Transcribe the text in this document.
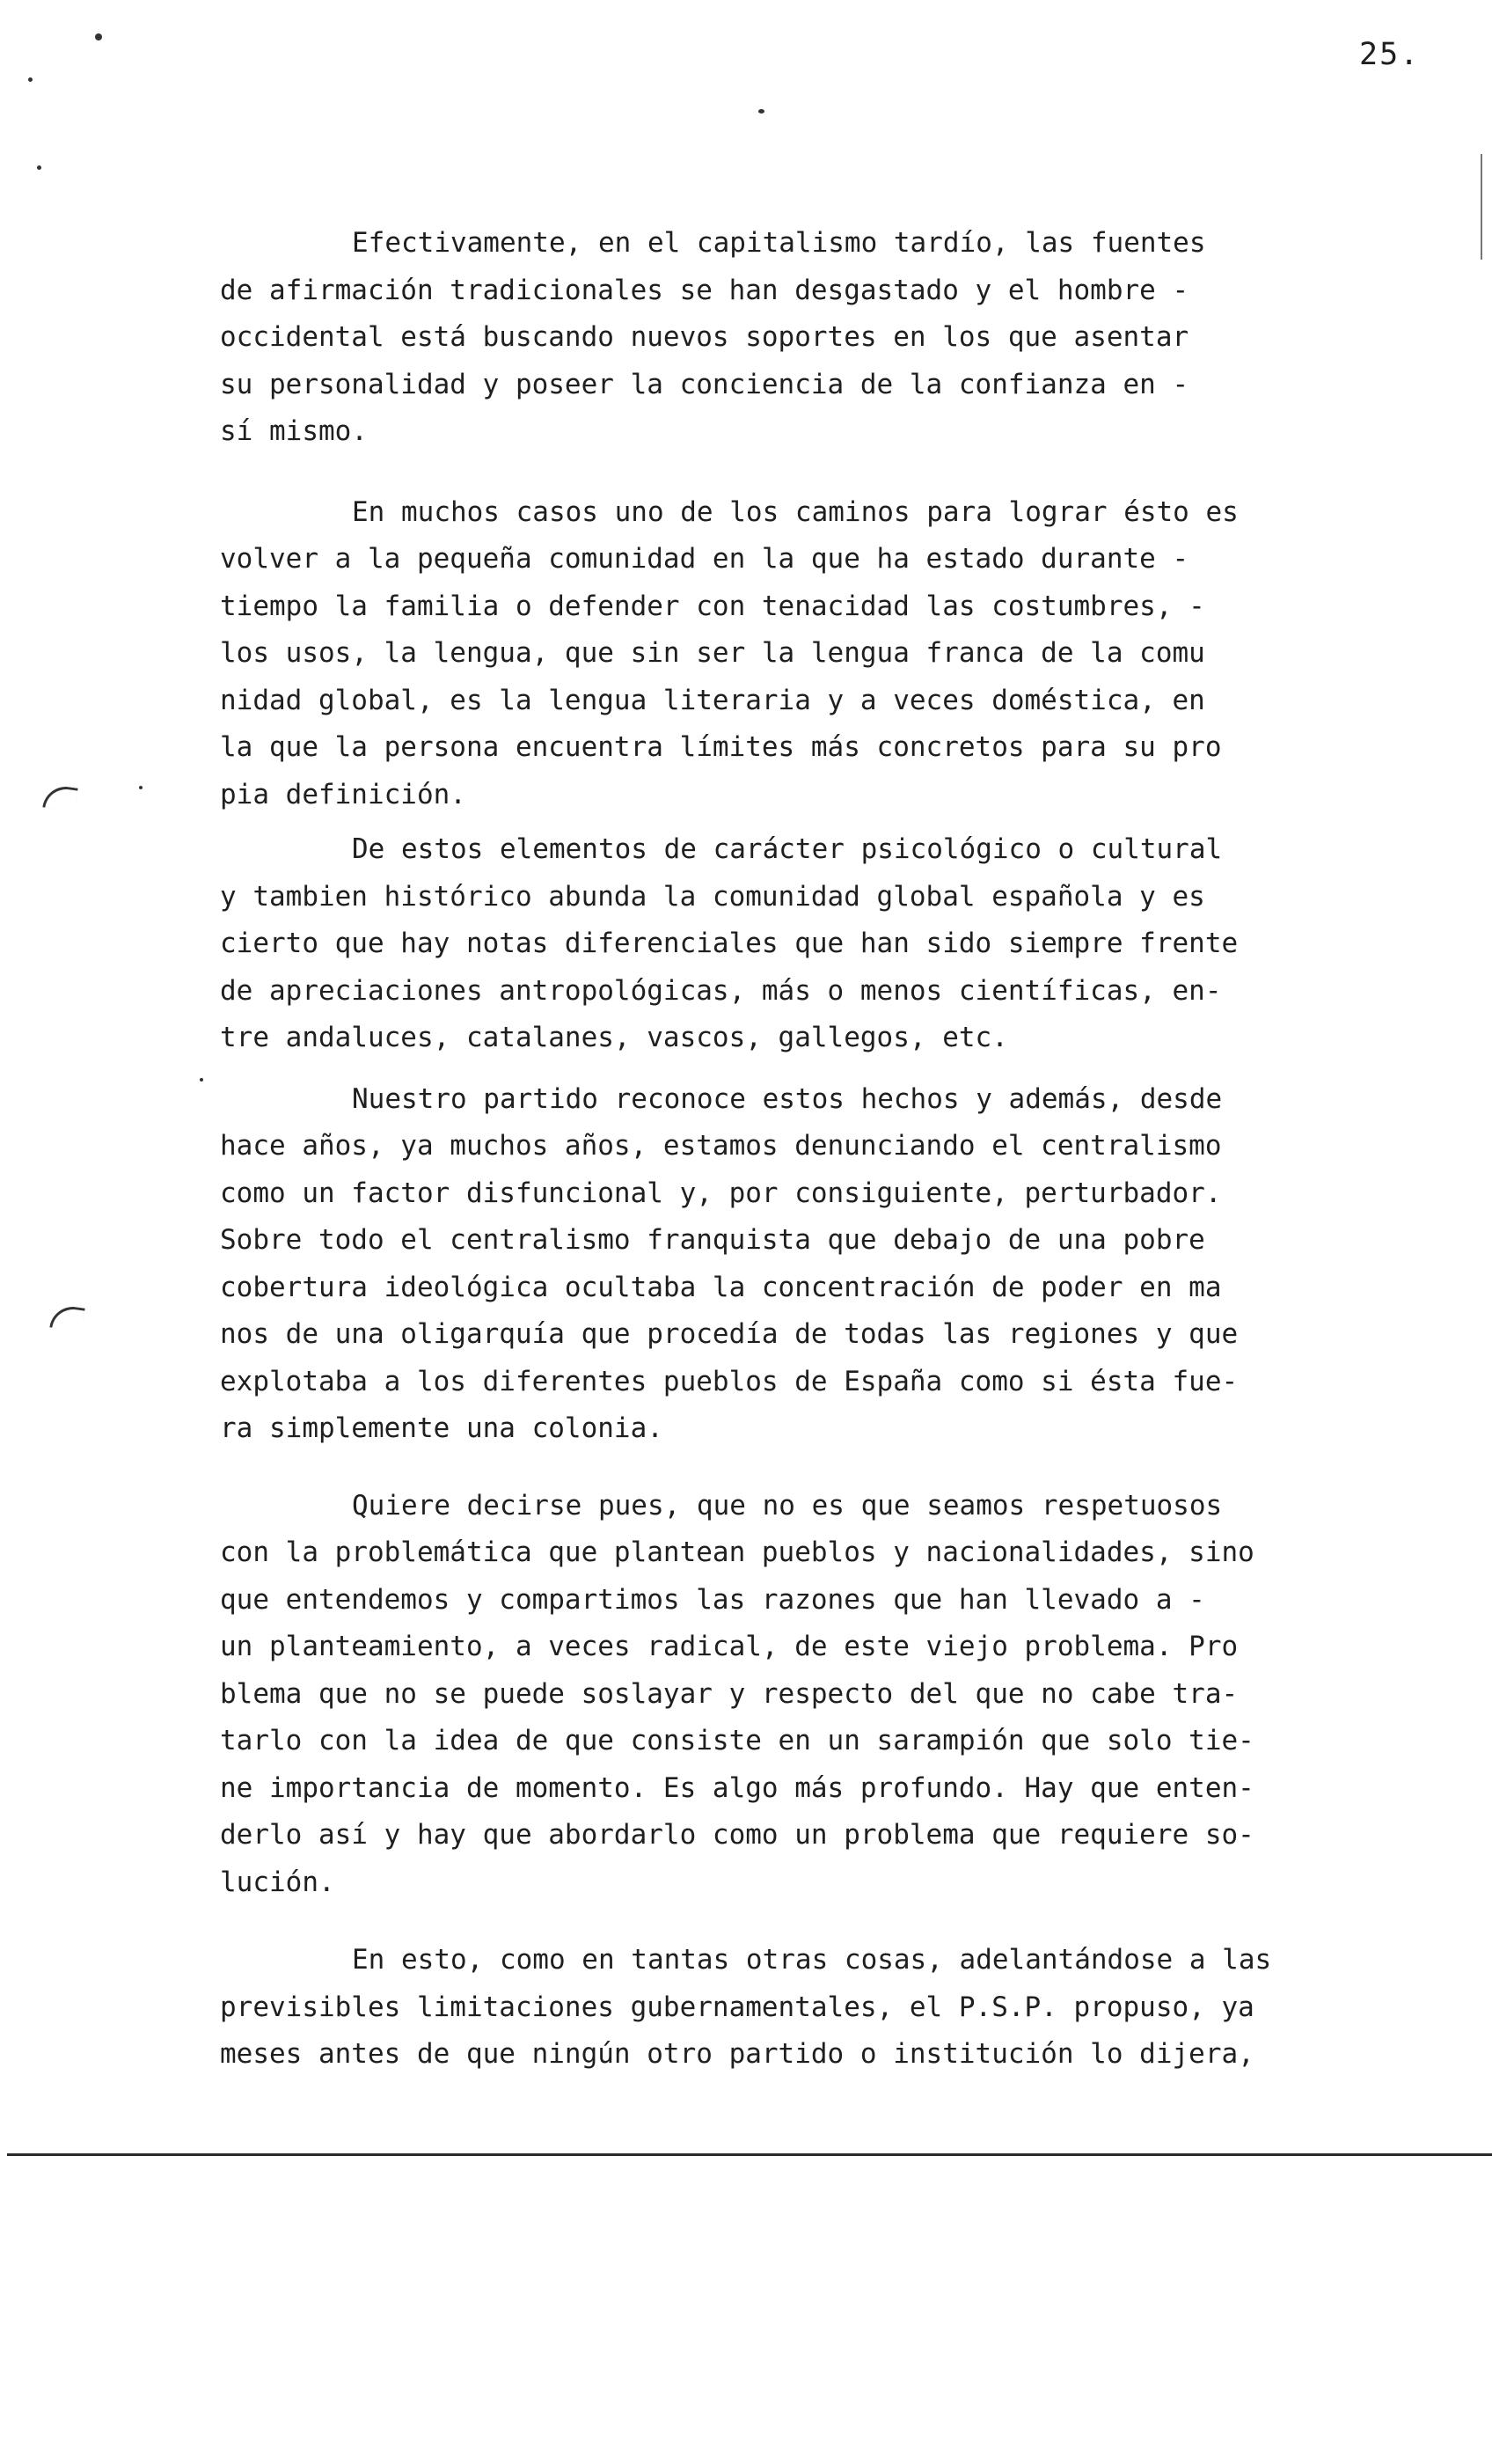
25.
Efectivamente, en el capitalismo tardío, las fuentes
de afirmación tradicionales se han desgastado y el hombre -
occidental está buscando nuevos soportes en los que asentar
su personalidad y poseer la conciencia de la confianza en -
sí mismo.
En muchos casos uno de los caminos para lograr ésto es
volver a la pequeña comunidad en la que ha estado durante -
tiempo la familia o defender con tenacidad las costumbres, -
los usos, la lengua, que sin ser la lengua franca de la comu
nidad global, es la lengua literaria y a veces doméstica, en
la que la persona encuentra límites más concretos para su pro
pia definición.
De estos elementos de carácter psicológico o cultural
y tambien histórico abunda la comunidad global española y es
cierto que hay notas diferenciales que han sido siempre frente
de apreciaciones antropológicas, más o menos científicas, en-
tre andaluces, catalanes, vascos, gallegos, etc.
Nuestro partido reconoce estos hechos y además, desde
hace años, ya muchos años, estamos denunciando el centralismo
como un factor disfuncional y, por consiguiente, perturbador.
Sobre todo el centralismo franquista que debajo de una pobre
cobertura ideológica ocultaba la concentración de poder en ma
nos de una oligarquía que procedía de todas las regiones y que
explotaba a los diferentes pueblos de España como si ésta fue-
ra simplemente una colonia.
Quiere decirse pues, que no es que seamos respetuosos
con la problemática que plantean pueblos y nacionalidades, sino
que entendemos y compartimos las razones que han llevado a -
un planteamiento, a veces radical, de este viejo problema. Pro
blema que no se puede soslayar y respecto del que no cabe tra-
tarlo con la idea de que consiste en un sarampión que solo tie-
ne importancia de momento. Es algo más profundo. Hay que enten-
derlo así y hay que abordarlo como un problema que requiere so-
lución.
En esto, como en tantas otras cosas, adelantándose a las
previsibles limitaciones gubernamentales, el P.S.P. propuso, ya
meses antes de que ningún otro partido o institución lo dijera,
